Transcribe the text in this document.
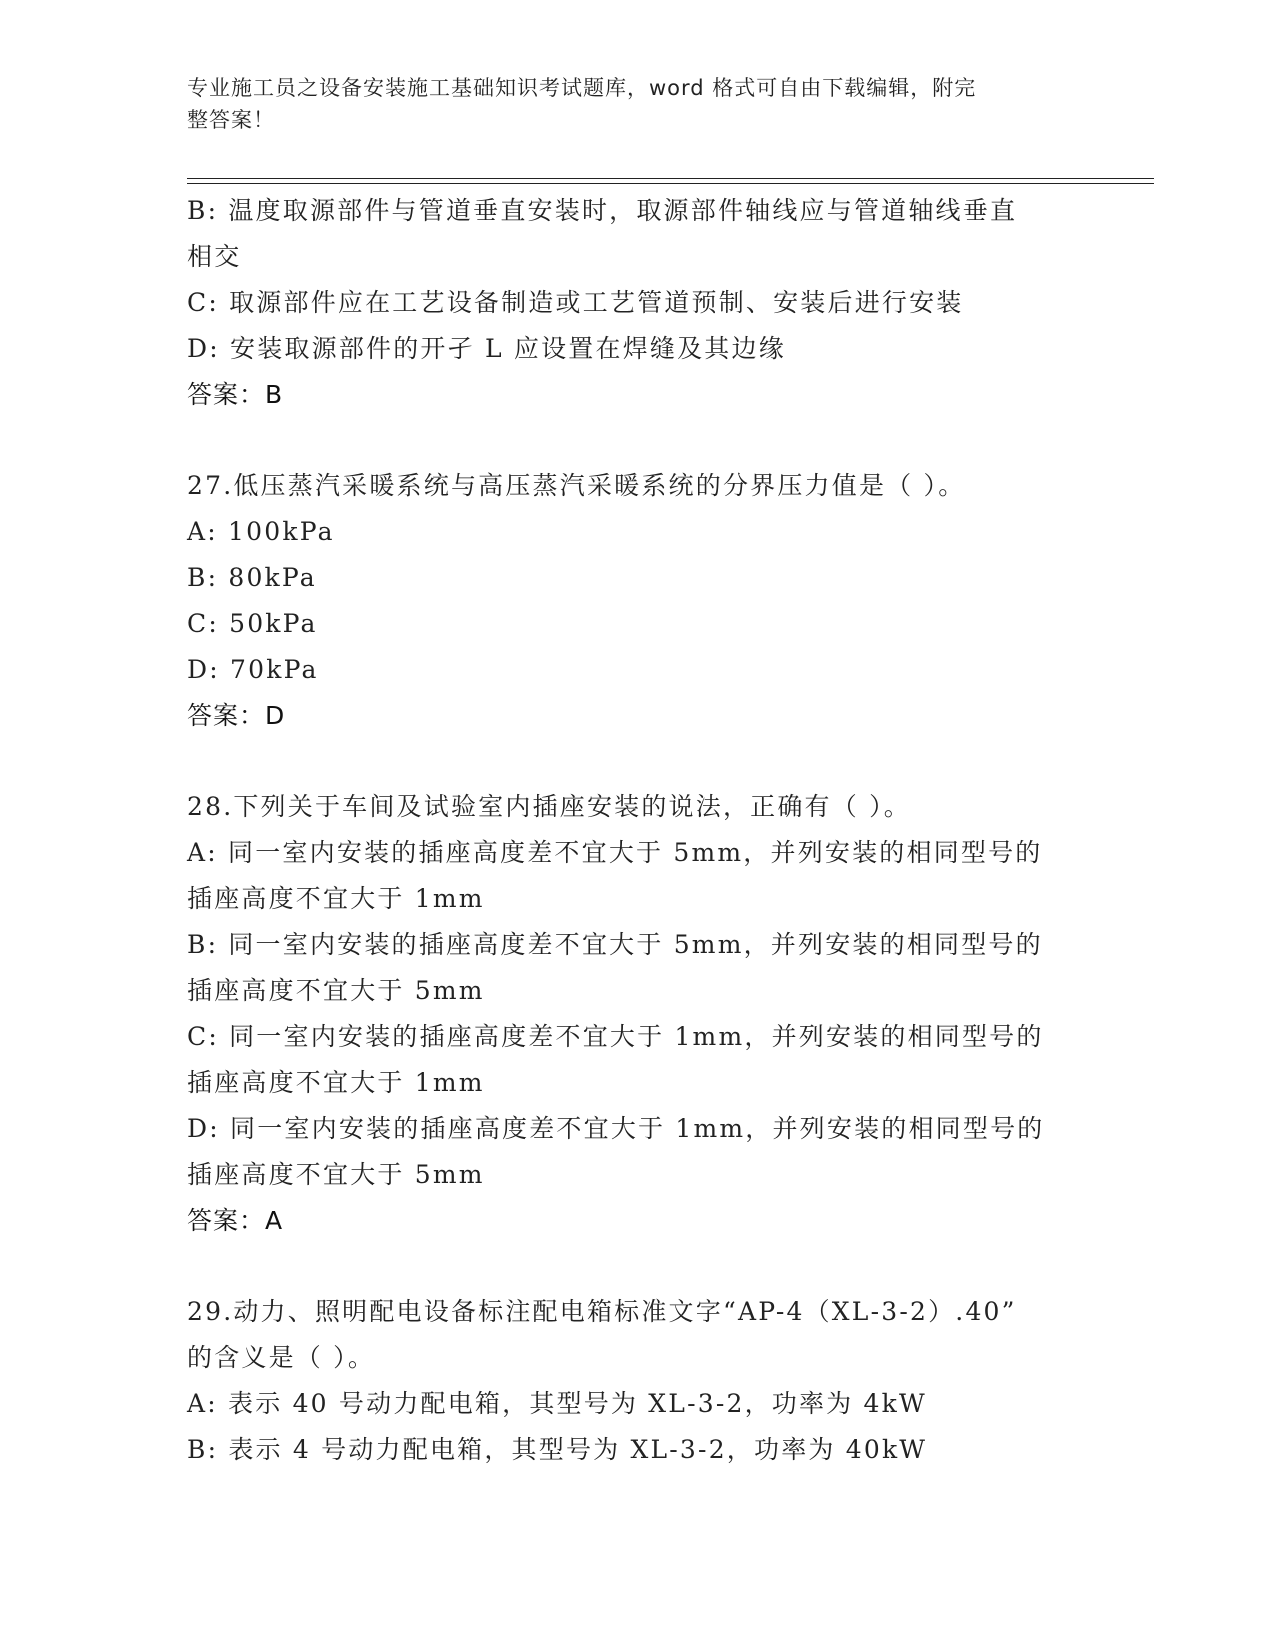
专业施工员之设备安装施工基础知识考试题库，word 格式可自由下载编辑，附完
整答案！
B: 温度取源部件与管道垂直安装时，取源部件轴线应与管道轴线垂直
相交
C: 取源部件应在工艺设备制造或工艺管道预制、安装后进行安装
D: 安装取源部件的开孑 L 应设置在焊缝及其边缘
答案：B
27.低压蒸汽采暖系统与高压蒸汽采暖系统的分界压力值是（ ）。
A: 100kPa
B: 80kPa
C: 50kPa
D: 70kPa
答案：D
28.下列关于车间及试验室内插座安装的说法，正确有（ ）。
A: 同一室内安装的插座高度差不宜大于 5mm，并列安装的相同型号的
插座高度不宜大于 1mm
B: 同一室内安装的插座高度差不宜大于 5mm，并列安装的相同型号的
插座高度不宜大于 5mm
C: 同一室内安装的插座高度差不宜大于 1mm，并列安装的相同型号的
插座高度不宜大于 1mm
D: 同一室内安装的插座高度差不宜大于 1mm，并列安装的相同型号的
插座高度不宜大于 5mm
答案：A
29.动力、照明配电设备标注配电箱标准文字“AP-4（XL-3-2）.40”
的含义是（ ）。
A: 表示 40 号动力配电箱，其型号为 XL-3-2，功率为 4kW
B: 表示 4 号动力配电箱，其型号为 XL-3-2，功率为 40kW
